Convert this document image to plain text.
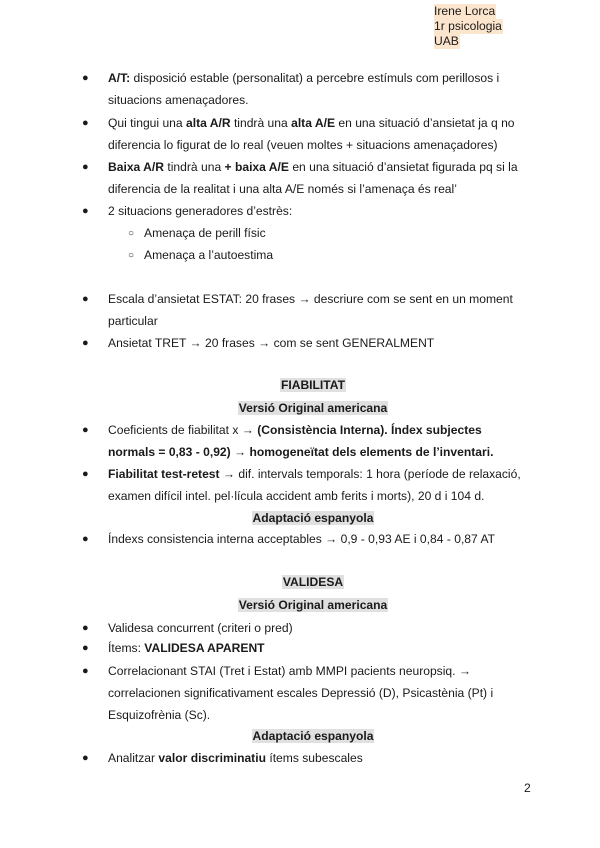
Irene Lorca
1r psicologia
UAB
● A/T: disposició estable (personalitat) a percebre estímuls com perillosos i
situacions amenaçadores.
● Qui tingui una alta A/R tindrà una alta A/E en una situació d’ansietat ja q no
diferencia lo figurat de lo real (veuen moltes + situacions amenaçadores)
● Baixa A/R tindrà una + baixa A/E en una situació d’ansietat figurada pq si la
diferencia de la realitat i una alta A/E només si l’amenaça és real’
● 2 situacions generadores d’estrès:
○ Amenaça de perill físic
○ Amenaça a l’autoestima
● Escala d’ansietat ESTAT: 20 frases → descriure com se sent en un moment
particular
● Ansietat TRET → 20 frases → com se sent GENERALMENT
FIABILITAT
Versió Original americana
● Coeficients de fiabilitat x → (Consistència Interna). Índex subjectes
normals = 0,83 - 0,92) → homogeneïtat dels elements de l’inventari.
● Fiabilitat test-retest → dif. intervals temporals: 1 hora (període de relaxació,
examen difícil intel. pel·lícula accident amb ferits i morts), 20 d i 104 d.
Adaptació espanyola
● Índexs consistencia interna acceptables → 0,9 - 0,93 AE i 0,84 - 0,87 AT
VALIDESA
Versió Original americana
● Validesa concurrent (criteri o pred)
● Ítems: VALIDESA APARENT
● Correlacionant STAI (Tret i Estat) amb MMPI pacients neuropsiq. →
correlacionen significativament escales Depressió (D), Psicastènia (Pt) i
Esquizofrènia (Sc).
Adaptació espanyola
● Analitzar valor discriminatiu ítems subescales
2
